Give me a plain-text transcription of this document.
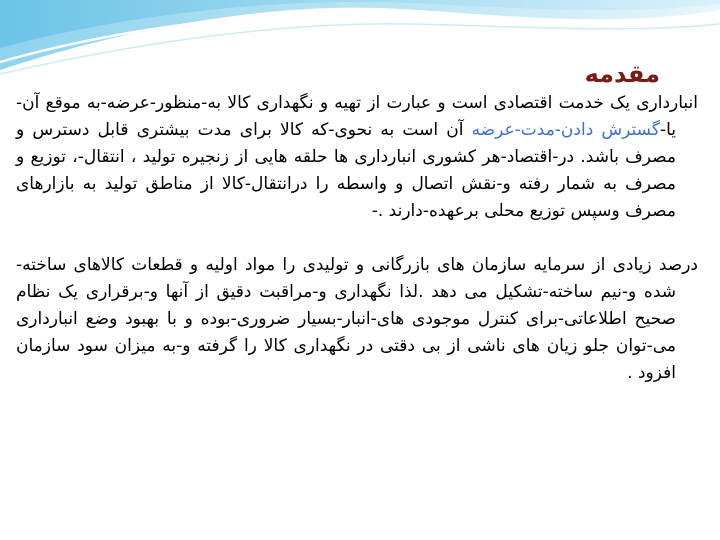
مقدمه

انبارداری یک خدمت اقتصادی است و عبارت از تهیه و نگهداری کالا به-منظور-عرضه-به موقع آن-یا-گسترش دادن-مدت-عرضه آن است به نحوی-که کالا برای مدت بیشتری قابل دسترس و مصرف باشد. در-اقتصاد-هر کشوری انبارداری ها حلقه هایی از زنجیره تولید ، انتقال-، توزیع و مصرف به شمار رفته و-نقش اتصال و واسطه را درانتقال-کالا از مناطق تولید به بازارهای مصرف وسپس توزیع محلی برعهده-دارند .-

درصد زیادی از سرمایه سازمان های بازرگانی و تولیدی را مواد اولیه و قطعات کالاهای ساخته-شده و-نیم ساخته-تشکیل می دهد .لذا نگهداری و-مراقبت دقیق از آنها و-برقراری یک نظام صحیح اطلاعاتی-برای کنترل موجودی های-انبار-بسیار ضروری-بوده و با بهبود وضع انبارداری می-توان جلو زیان های ناشی از بی دقتی در نگهداری کالا را گرفته و-به میزان سود سازمان افزود .
